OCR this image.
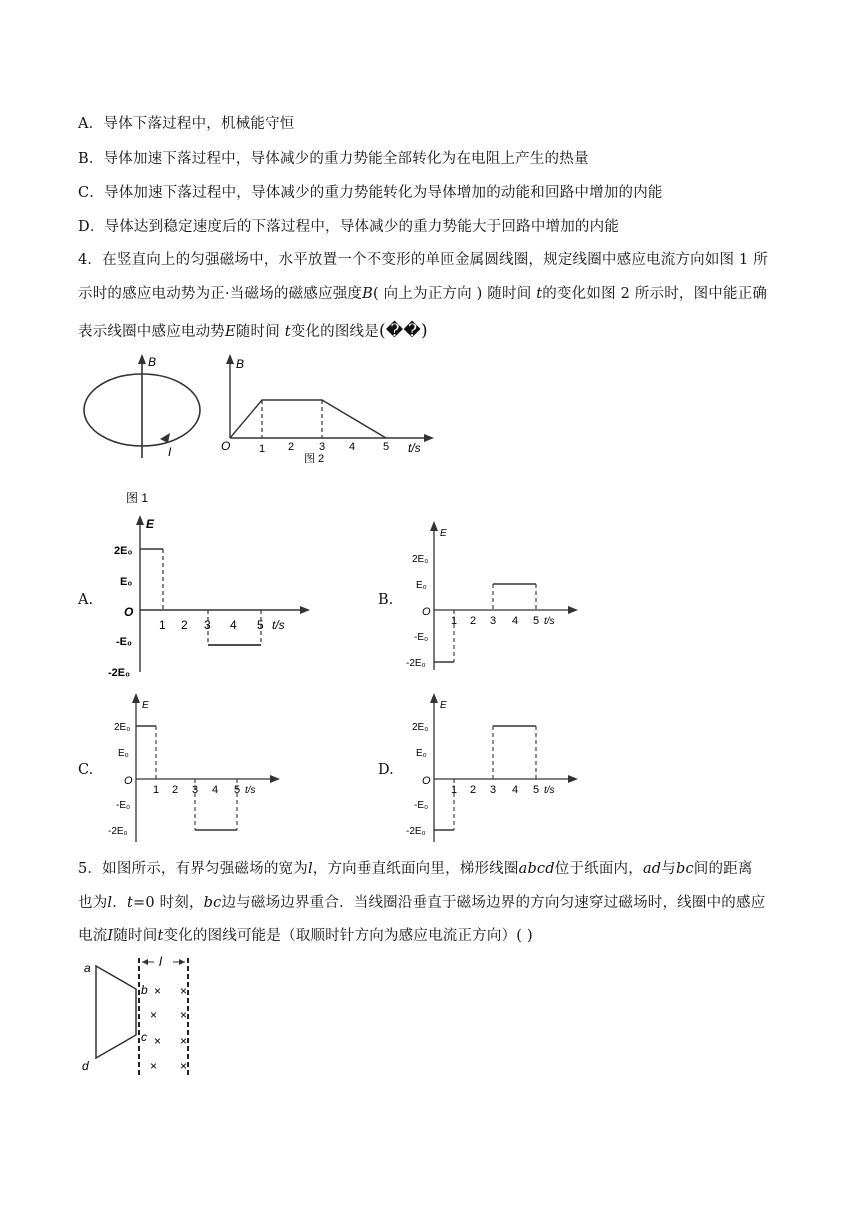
A．导体下落过程中，机械能守恒
B．导体加速下落过程中，导体减少的重力势能全部转化为在电阻上产生的热量
C．导体加速下落过程中，导体减少的重力势能转化为导体增加的动能和回路中增加的内能
D．导体达到稳定速度后的下落过程中，导体减少的重力势能大于回路中增加的内能
4．在竖直向上的匀强磁场中，水平放置一个不变形的单匝金属圆线圈，规定线圈中感应电流方向如图 1 所
示时的感应电动势为正·当磁场的磁感应强度B( 向上为正方向 ) 随时间 t的变化如图 2 所示时，图中能正确
表示线圈中感应电动势E随时间 t变化的图线是(��)
B
I
图 1
B
O	1 2 3 4	5 t/s
图 2
A.
E
2E₀
E₀
O
-E₀
-2E₀
1 2 3 4 5 t/s
B.
E
2E₀
E₀
O
-E₀
-2E₀
1 2 3 4 5 t/s
C.
E
2E₀
E₀
O
-E₀
-2E₀
1 2 3 4 5 t/s
D.
E
2E₀
E₀
O
-E₀
-2E₀
1 2 3 4 5 t/s
5．如图所示，有界匀强磁场的宽为l，方向垂直纸面向里，梯形线圈abcd位于纸面内，ad与bc间的距离
也为l．t=0 时刻，bc边与磁场边界重合．当线圈沿垂直于磁场边界的方向匀速穿过磁场时，线圈中的感应
电流I随时间t变化的图线可能是（取顺时针方向为感应电流正方向）( )
l
a
b
c
d
× ×
× ×
× ×
× ×
